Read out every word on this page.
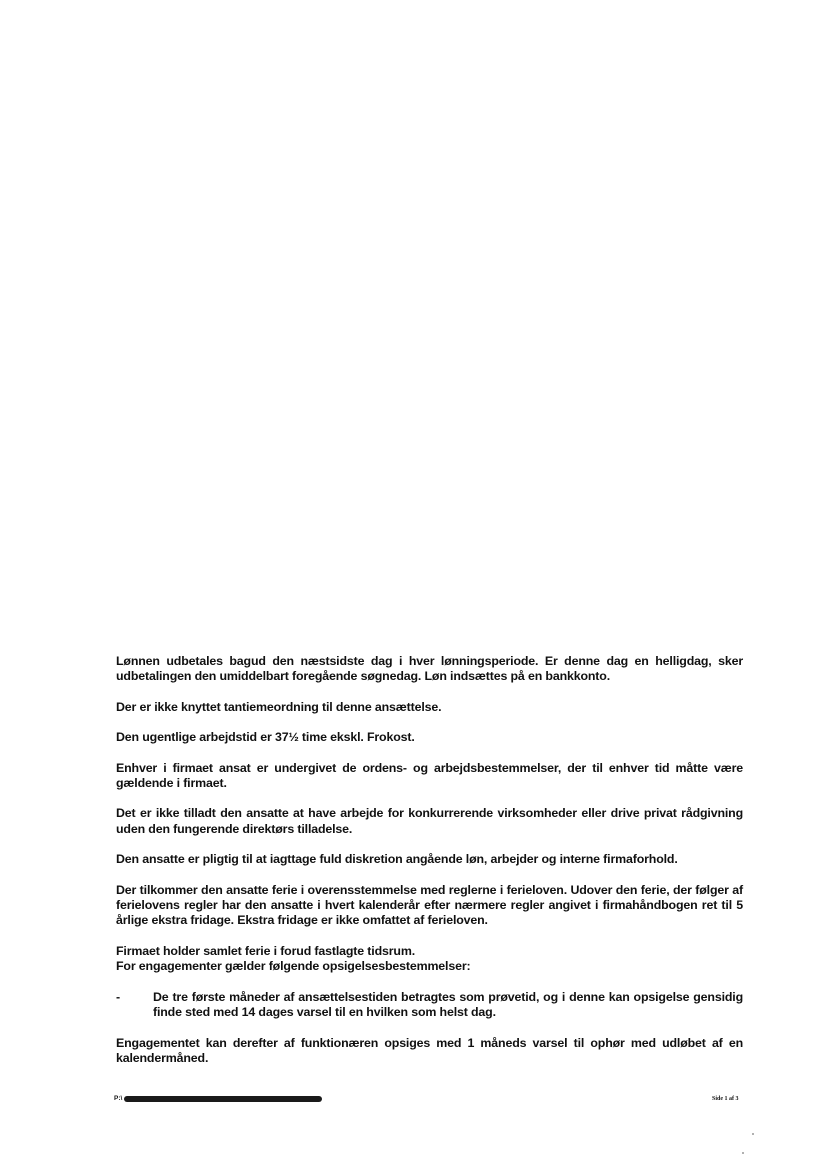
Lønnen udbetales bagud den næstsidste dag i hver lønningsperiode. Er denne dag en helligdag, sker udbetalingen den umiddelbart foregående søgnedag. Løn indsættes på en bankkonto.

Der er ikke knyttet tantiemeordning til denne ansættelse.

Den ugentlige arbejdstid er 37½ time ekskl. Frokost.

Enhver i firmaet ansat er undergivet de ordens- og arbejdsbestemmelser, der til enhver tid måtte være gældende i firmaet.

Det er ikke tilladt den ansatte at have arbejde for konkurrerende virksomheder eller drive privat rådgivning uden den fungerende direktørs tilladelse.

Den ansatte er pligtig til at iagttage fuld diskretion angående løn, arbejder og interne firmaforhold.

Der tilkommer den ansatte ferie i overensstemmelse med reglerne i ferieloven. Udover den ferie, der følger af ferielovens regler har den ansatte i hvert kalenderår efter nærmere regler angivet i firmahåndbogen ret til 5 årlige ekstra fridage. Ekstra fridage er ikke omfattet af ferieloven.

Firmaet holder samlet ferie i forud fastlagte tidsrum.

For engagementer gælder følgende opsigelsesbestemmelser:

-	De tre første måneder af ansættelsestiden betragtes som prøvetid, og i denne kan opsigelse gensidig finde sted med 14 dages varsel til en hvilken som helst dag.

Engagementet kan derefter af funktionæren opsiges med 1 måneds varsel til ophør med udløbet af en kalendermåned.

P:\	Side 1 af 3
